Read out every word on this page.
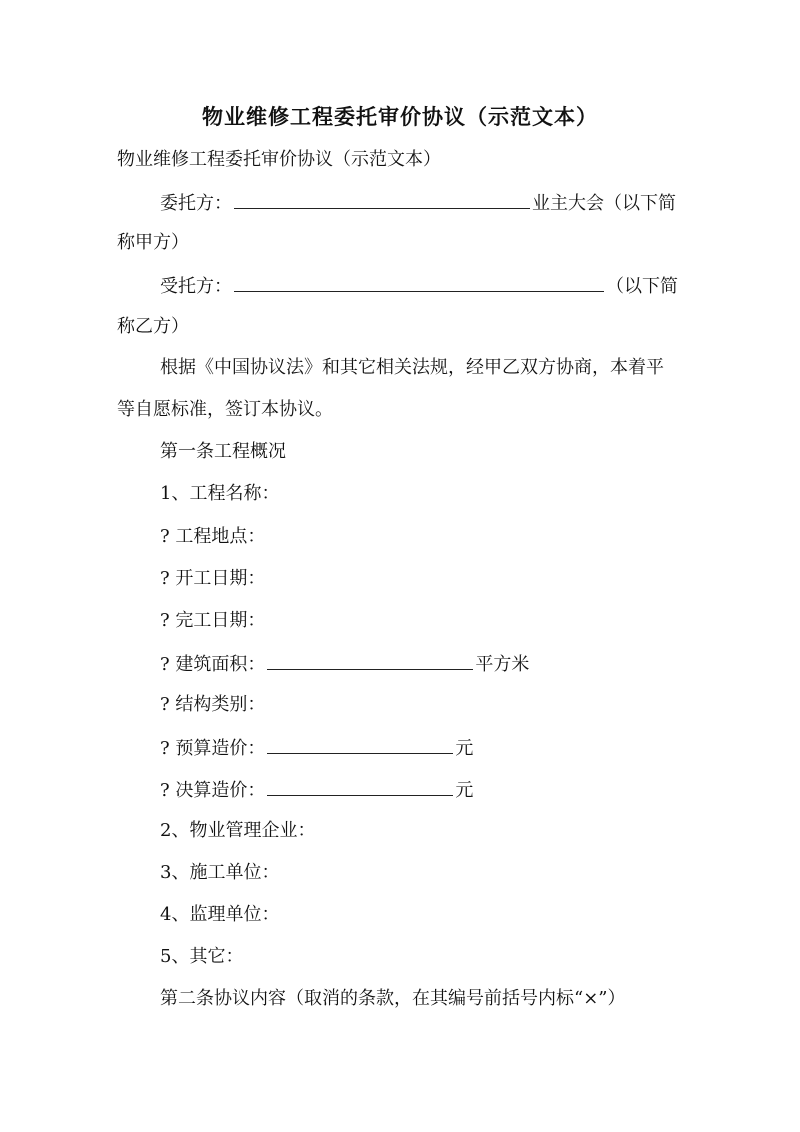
物业维修工程委托审价协议（示范文本）
物业维修工程委托审价协议（示范文本）
委托方：	业主大会（以下简
称甲方）
受托方：	（以下简
称乙方）
根据《中国协议法》和其它相关法规，经甲乙双方协商，本着平
等自愿标准，签订本协议。
第一条工程概况
1、工程名称：
? 工程地点：
? 开工日期：
? 完工日期：
? 建筑面积：	平方米
? 结构类别：
? 预算造价：	元
? 决算造价：	元
2、物业管理企业：
3、施工单位：
4、监理单位：
5、其它：
第二条协议内容（取消的条款，在其编号前括号内标“×”）
